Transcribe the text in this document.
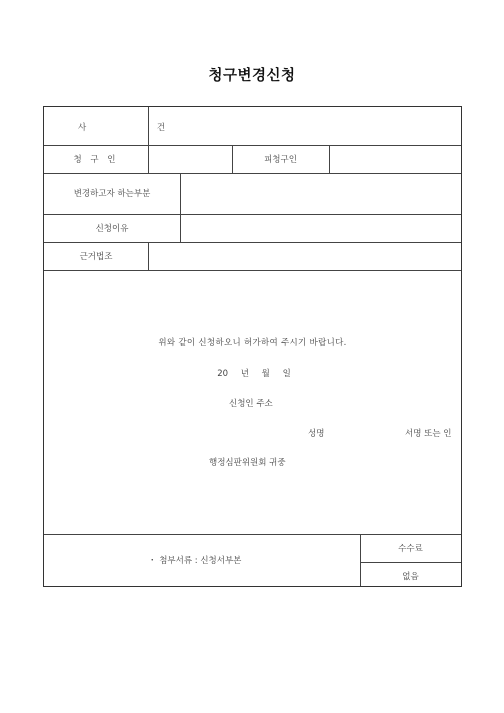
청구변경신청
사 건
청 구 인	피청구인
변경하고자 하는부분
신청이유
근거법조
위와 같이 신청하오니 허가하여 주시기 바랍니다.
20 년 월 일
신청인 주소
성명	서명 또는 인
행정심판위원회 귀중
・ 첨부서류 : 신청서부본
수수료
없음
